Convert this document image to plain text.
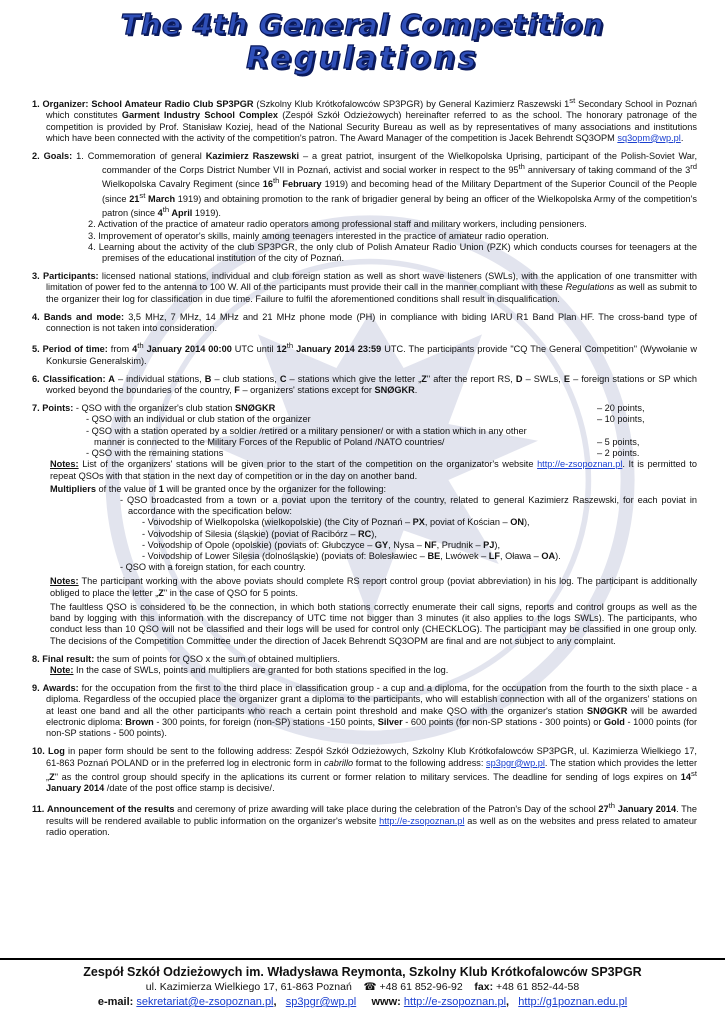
The 4th General Competition
Regulations

1. Organizer: School Amateur Radio Club SP3PGR (Szkolny Klub Krótkofalowców SP3PGR) by General Kazimierz Raszewski 1st Secondary School in Poznań which constitutes Garment Industry School Complex (Zespół Szkół Odzieżowych) hereinafter referred to as the school. The honorary patronage of the competition is provided by Prof. Stanisław Koziej, head of the National Security Bureau as well as by representatives of many associations and institutions which have been connected with the activity of the competition's patron. The Award Manager of the competition is Jacek Behrendt SQ3OPM sq3opm@wp.pl.

2. Goals: 1. Commemoration of general Kazimierz Raszewski – a great patriot, insurgent of the Wielkopolska Uprising, participant of the Polish-Soviet War, commander of the Corps District Number VII in Poznań, activist and social worker in respect to the 95th anniversary of taking command of the 3rd Wielkopolska Cavalry Regiment (since 16th February 1919) and becoming head of the Military Department of the Superior Council of the People (since 21st March 1919) and obtaining promotion to the rank of brigadier general by being an officer of the Wielkopolska Army of the competition's patron (since 4th April 1919).

2. Activation of the practice of amateur radio operators among professional staff and military workers, including pensioners.

3. Improvement of operator's skills, mainly among teenagers interested in the practice of amateur radio operation.

4. Learning about the activity of the club SP3PGR, the only club of Polish Amateur Radio Union (PZK) which conducts courses for teenagers at the premises of the educational institution of the city of Poznań.

3. Participants: licensed national stations, individual and club foreign station as well as short wave listeners (SWLs), with the application of one transmitter with limitation of power fed to the antenna to 100 W. All of the participants must provide their call in the manner compliant with these Regulations as well as submit to the organizer their log for classification in due time. Failure to fulfil the aforementioned conditions shall result in disqualification.

4. Bands and mode: 3,5 MHz, 7 MHz, 14 MHz and 21 MHz phone mode (PH) in compliance with biding IARU R1 Band Plan HF. The cross-band type of connection is not taken into consideration.

5. Period of time: from 4th January 2014 00:00 UTC until 12th January 2014 23:59 UTC. The participants provide "CQ The General Competition" (Wywołanie w Konkursie Generalskim).

6. Classification: A – individual stations, B – club stations, C – stations which give the letter „Z" after the report RS, D – SWLs, E – foreign stations or SP which worked beyond the boundaries of the country, F – organizers' stations except for SNØGKR.

7. Points: - QSO with the organizer's club station SNØGKR	– 20 points,
- QSO with an individual or club station of the organizer	– 10 points,
- QSO with a station operated by a soldier /retired or a military pensioner/ or with a station which in any other
manner is connected to the Military Forces of the Republic of Poland /NATO countries/	– 5 points,
- QSO with the remaining stations	– 2 points.

Notes: List of the organizers' stations will be given prior to the start of the competition on the organizator's website http://e-zsopoznan.pl. It is permitted to repeat QSOs with that station in the next day of competition or in the day on another band.

Multipliers of the value of 1 will be granted once by the organizer for the following:

- QSO broadcasted from a town or a poviat upon the territory of the country, related to general Kazimierz Raszewski, for each poviat in accordance with the specification below:

- Voivodship of Wielkopolska (wielkopolskie) (the City of Poznań – PX, poviat of Kościan – ON),

- Voivodship of Silesia (śląskie) (poviat of Racibórz – RC),

- Voivodship of Opole (opolskie) (poviats of: Głubczyce – GY, Nysa – NF, Prudnik – PJ),

- Voivodship of Lower Silesia (dolnośląskie) (poviats of: Bolesławiec – BE, Lwówek – LF, Oława – OA).

- QSO with a foreign station, for each country.

Notes: The participant working with the above poviats should complete RS report control group (poviat abbreviation) in his log. The participant is additionally obliged to place the letter „Z" in the case of QSO for 5 points.

The faultless QSO is considered to be the connection, in which both stations correctly enumerate their call signs, reports and control groups as well as the band by logging with this information with the discrepancy of UTC time not bigger than 3 minutes (it also applies to the logs SWLs). The participants, who conduct less than 10 QSO will not be classified and their logs will be used for control only (CHECKLOG). The participant may be classified in one group only. The decisions of the Competition Committee under the direction of Jacek Behrendt SQ3OPM are final and are not subject to any complaint.

8. Final result: the sum of points for QSO x the sum of obtained multipliers.

Note: In the case of SWLs, points and multipliers are granted for both stations specified in the log.

9. Awards: for the occupation from the first to the third place in classification group - a cup and a diploma, for the occupation from the fourth to the sixth place - a diploma. Regardless of the occupied place the organizer grant a diploma to the participants, who will establish connection with all of the organizers' stations on at least one band and all the other participants who reach a certain point threshold and make QSO with the organizer's station SNØGKR will be awarded electronic diploma: Brown - 300 points, for foreign (non-SP) stations -150 points, Silver - 600 points (for non-SP stations - 300 points) or Gold - 1000 points (for non-SP stations - 500 points).

10. Log in paper form should be sent to the following address: Zespół Szkół Odzieżowych, Szkolny Klub Krótkofalowców SP3PGR, ul. Kazimierza Wielkiego 17, 61-863 Poznań POLAND or in the preferred log in electronic form in cabrillo format to the following address: sp3pgr@wp.pl. The station which provides the letter „Z" as the control group should specify in the aplications its current or former relation to military services. The deadline for sending of logs expires on 14st January 2014 /date of the post office stamp is decisive/.

11. Announcement of the results and ceremony of prize awarding will take place during the celebration of the Patron's Day of the school 27th January 2014. The results will be rendered available to public information on the organizer's website http://e-zsopoznan.pl as well as on the websites and press related to amateur radio operation.

Zespół Szkół Odzieżowych im. Władysława Reymonta, Szkolny Klub Krótkofalowców SP3PGR
ul. Kazimierza Wielkiego 17, 61-863 Poznań ☎ +48 61 852-96-92 fax: +48 61 852-44-58
e-mail: sekretariat@e-zsopoznan.pl, sp3pgr@wp.pl www: http://e-zsopoznan.pl, http://g1poznan.edu.pl
